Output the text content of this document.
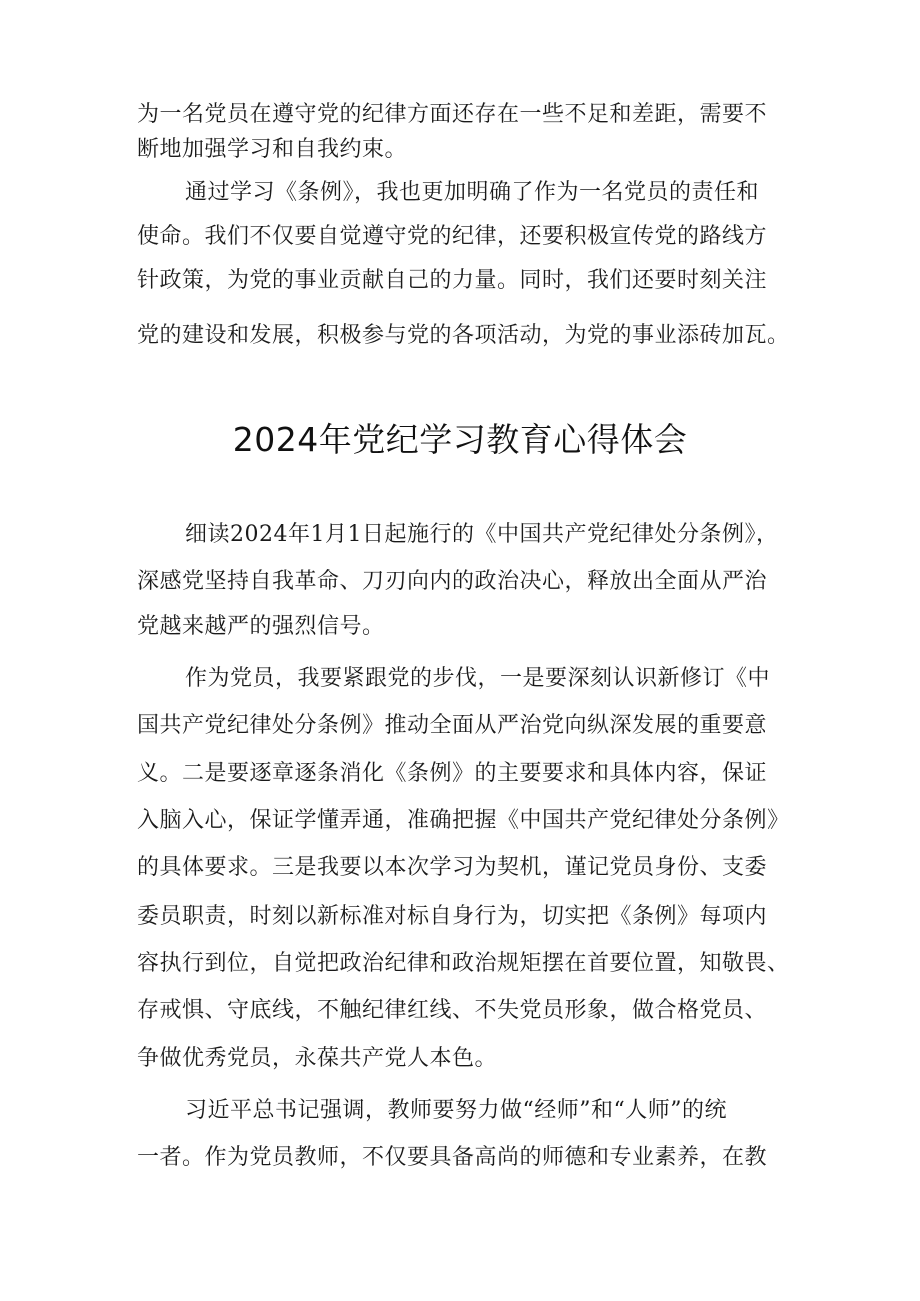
为一名党员在遵守党的纪律方面还存在一些不足和差距，需要不
断地加强学习和自我约束。
通过学习《条例》，我也更加明确了作为一名党员的责任和
使命。我们不仅要自觉遵守党的纪律，还要积极宣传党的路线方
针政策，为党的事业贡献自己的力量。同时，我们还要时刻关注
党的建设和发展，积极参与党的各项活动，为党的事业添砖加瓦。
2024年党纪学习教育心得体会
细读2024年1月1日起施行的《中国共产党纪律处分条例》，
深感党坚持自我革命、刀刃向内的政治决心，释放出全面从严治
党越来越严的强烈信号。
作为党员，我要紧跟党的步伐，一是要深刻认识新修订《中
国共产党纪律处分条例》推动全面从严治党向纵深发展的重要意
义。二是要逐章逐条消化《条例》的主要要求和具体内容，保证
入脑入心，保证学懂弄通，准确把握《中国共产党纪律处分条例》
的具体要求。三是我要以本次学习为契机，谨记党员身份、支委
委员职责，时刻以新标准对标自身行为，切实把《条例》每项内
容执行到位，自觉把政治纪律和政治规矩摆在首要位置，知敬畏、
存戒惧、守底线，不触纪律红线、不失党员形象，做合格党员、
争做优秀党员，永葆共产党人本色。
习近平总书记强调，教师要努力做“经师”和“人师”的统
一者。作为党员教师，不仅要具备高尚的师德和专业素养，在教
